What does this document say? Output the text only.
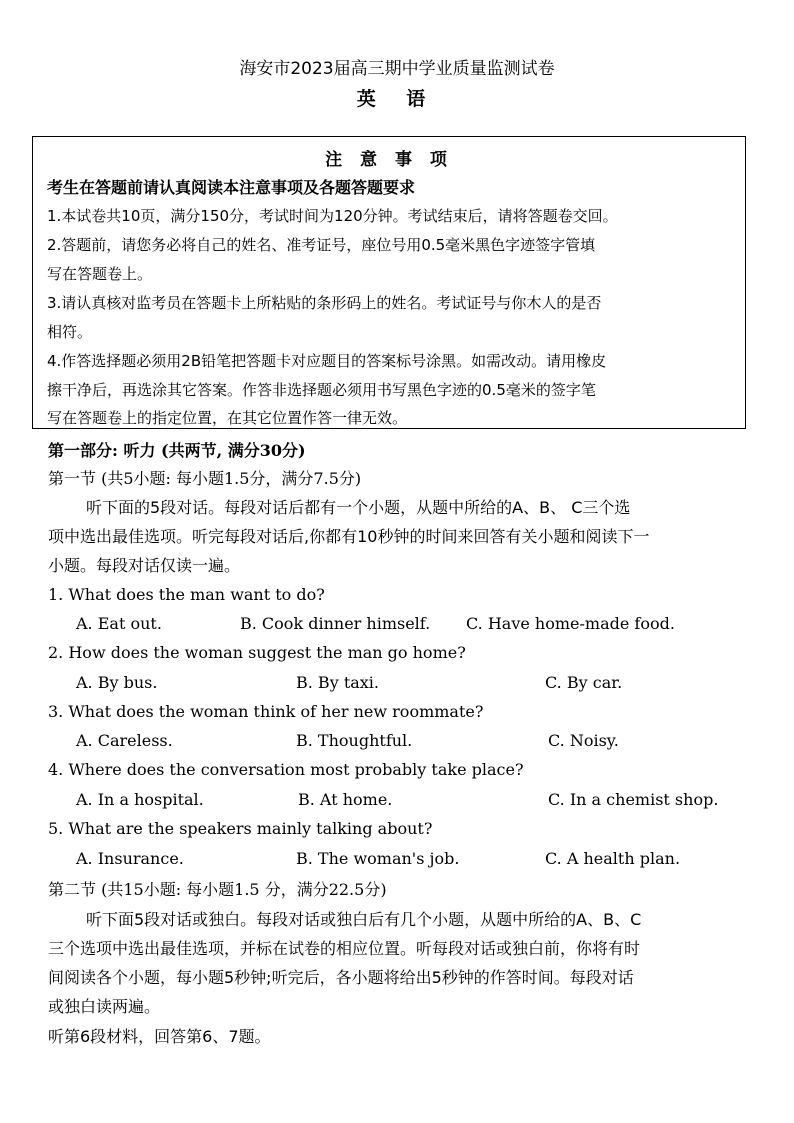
海安市2023届高三期中学业质量监测试卷
英 语
注 意 事 项
考生在答题前请认真阅读本注意事项及各题答题要求
1.本试卷共10页，满分150分，考试时间为120分钟。考试结束后，请将答题卷交回。
2.答题前，请您务必将自己的姓名、准考证号，座位号用0.5毫米黑色字迹签字管填
写在答题卷上。
3.请认真核对监考员在答题卡上所粘贴的条形码上的姓名。考试证号与你木人的是否
相符。
4.作答选择题必须用2B铅笔把答题卡对应题目的答案标号涂黑。如需改动。请用橡皮
擦干净后，再选涂其它答案。作答非选择题必须用书写黑色字迹的0.5毫米的签字笔
写在答题卷上的指定位置，在其它位置作答一律无效。
第一部分: 听力 (共两节, 满分30分)
第一节 (共5小题: 每小题1.5分，满分7.5分)
听下面的5段对话。每段对话后都有一个小题，从题中所给的A、B、 C三个选
项中选出最佳选项。听完每段对话后,你都有10秒钟的时间来回答有关小题和阅读下一
小题。每段对话仅读一遍。
1. What does the man want to do?
A. Eat out.	B. Cook dinner himself. C. Have home-made food.
2. How does the woman suggest the man go home?
A. By bus.	B. By taxi.	C. By car.
3. What does the woman think of her new roommate?
A. Careless.	B. Thoughtful.	C. Noisy.
4. Where does the conversation most probably take place?
A. In a hospital.	B. At home.	C. In a chemist shop.
5. What are the speakers mainly talking about?
A. Insurance.	B. The woman's job.	C. A health plan.
第二节 (共15小题: 每小题1.5 分，满分22.5分)
听下面5段对话或独白。每段对话或独白后有几个小题，从题中所给的A、B、C
三个选项中选出最佳选项，并标在试卷的相应位置。听每段对话或独白前，你将有时
间阅读各个小题，每小题5秒钟;听完后，各小题将给出5秒钟的作答时间。每段对话
或独白读两遍。
听第6段材料，回答第6、7题。
